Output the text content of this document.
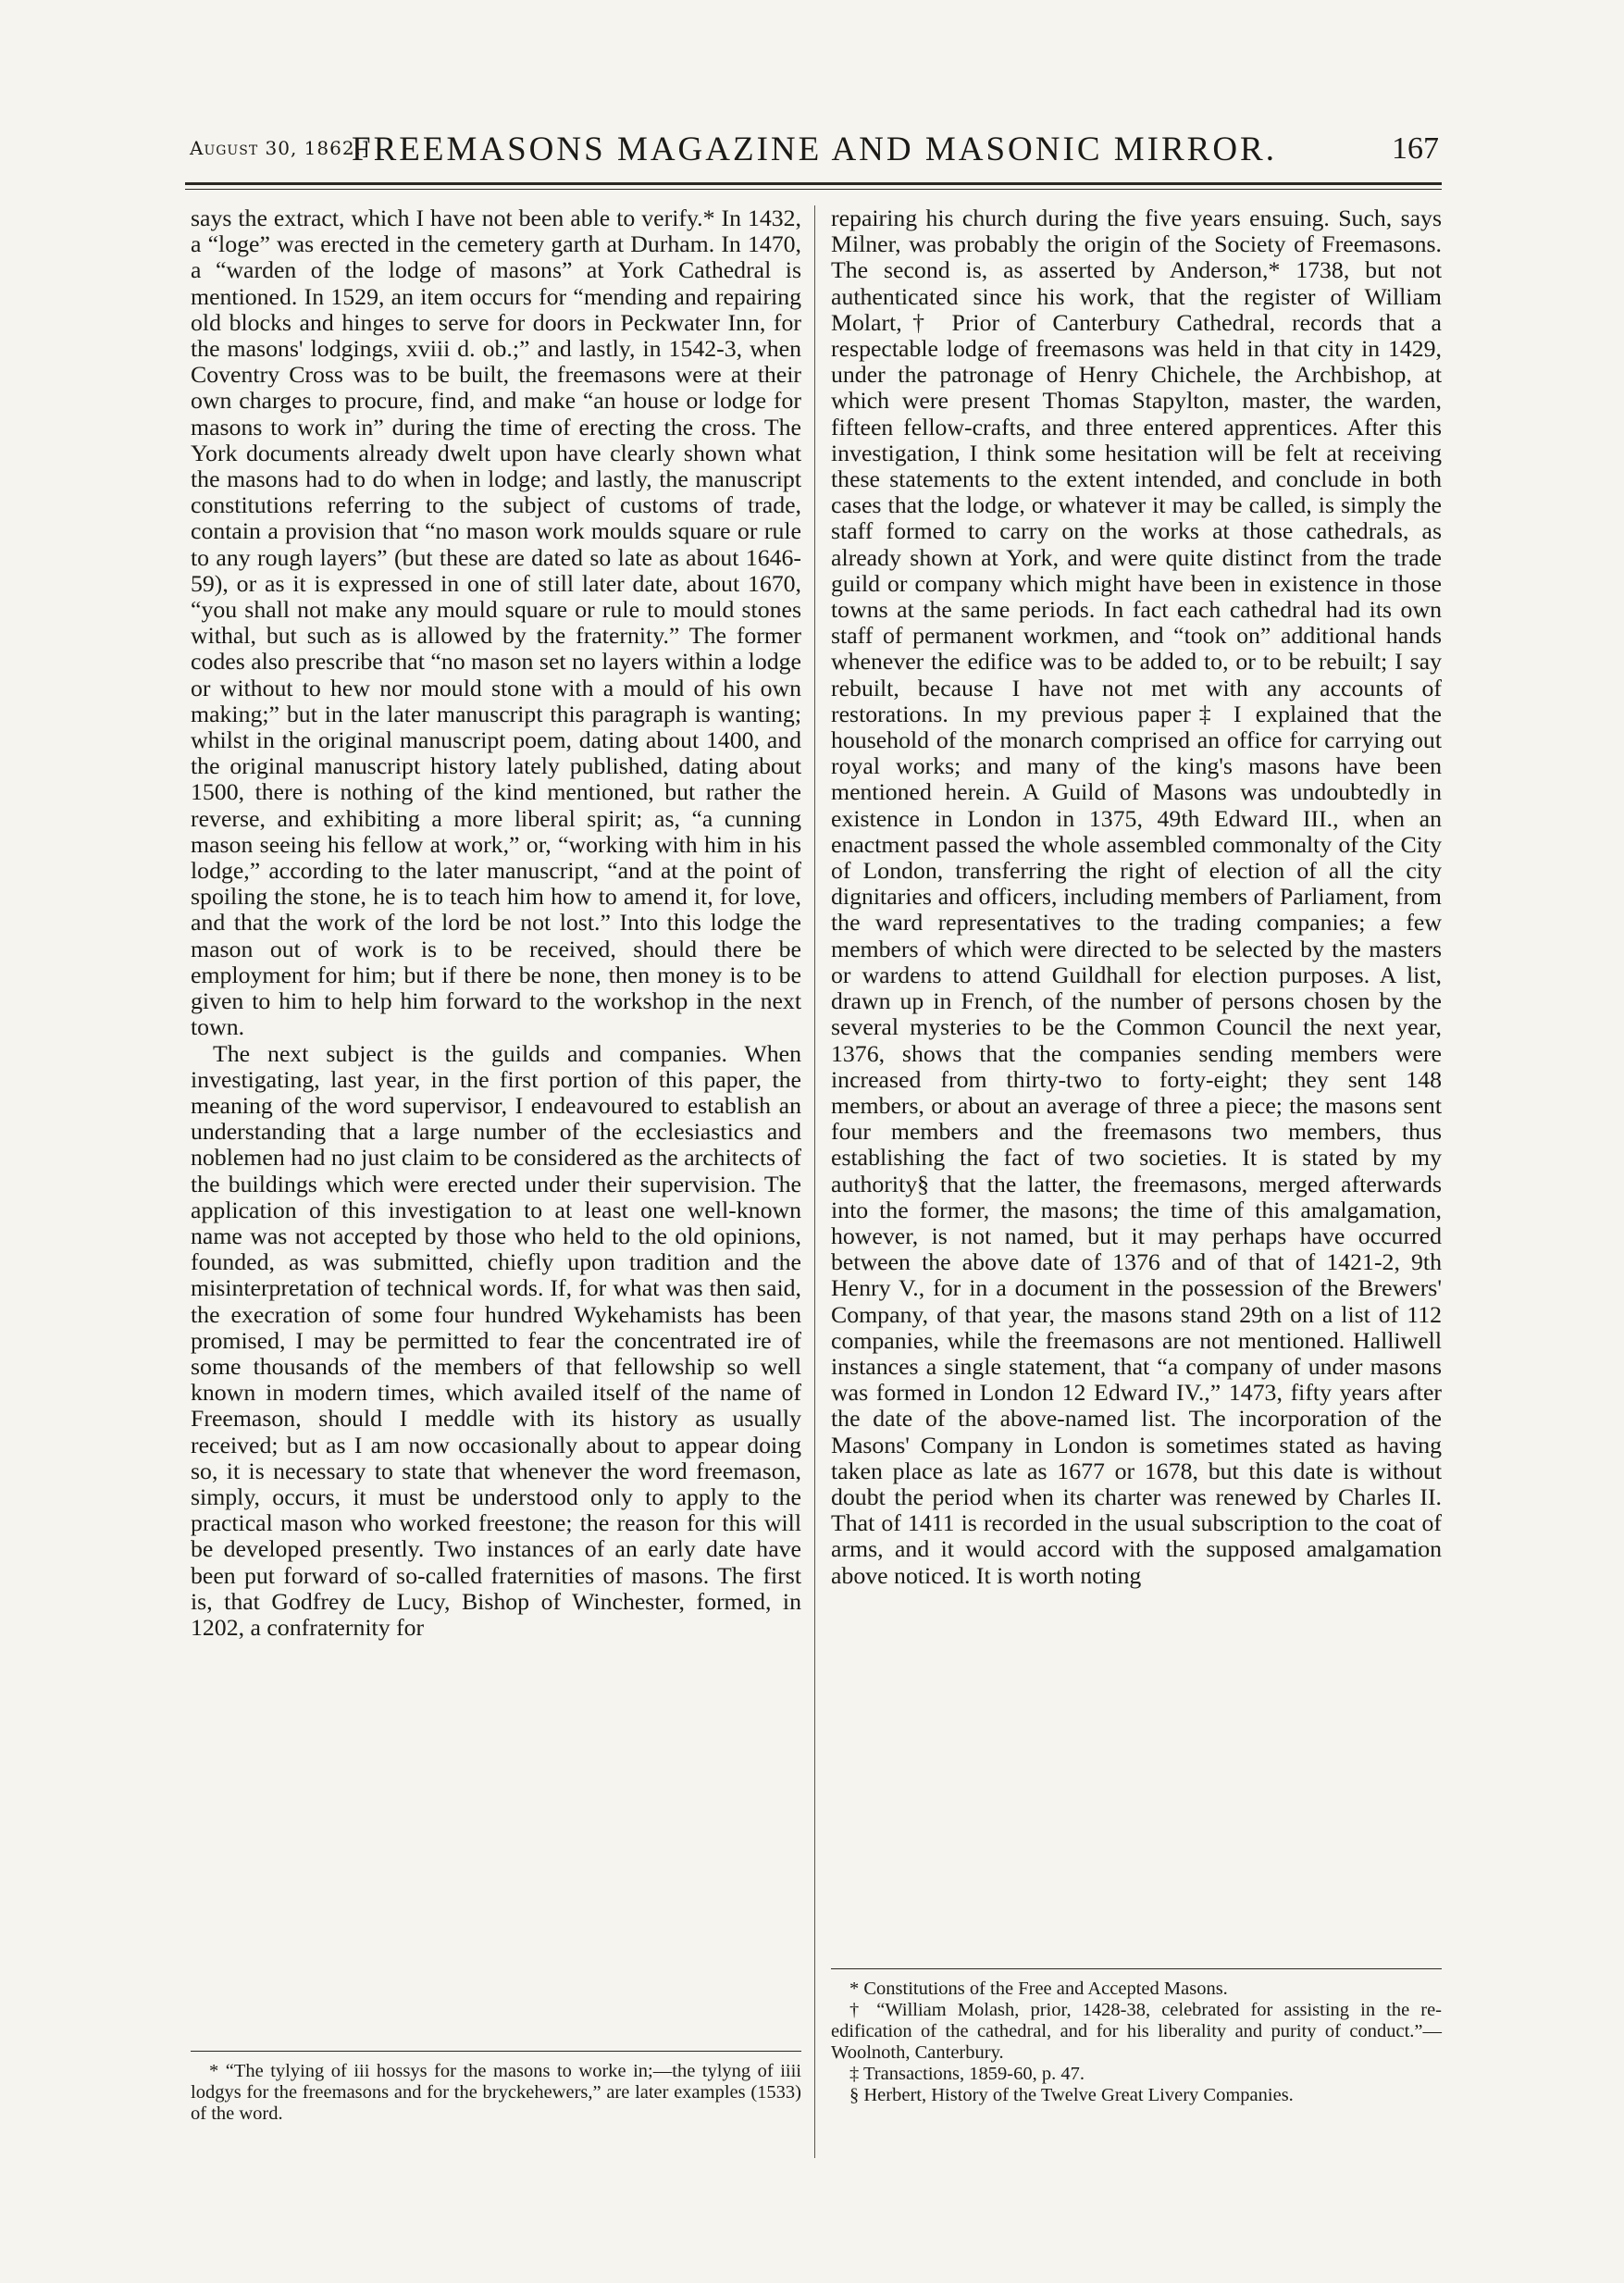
August 30, 1862.]
FREEMASONS MAGAZINE AND MASONIC MIRROR.	167

says the extract, which I have not been able to verify.* In 1432, a “loge” was erected in the cemetery garth at Durham. In 1470, a “warden of the lodge of masons” at York Cathedral is mentioned. In 1529, an item occurs for “mending and repairing old blocks and hinges to serve for doors in Peckwater Inn, for the masons' lodgings, xviii d. ob.;” and lastly, in 1542-3, when Coventry Cross was to be built, the freemasons were at their own charges to procure, find, and make “an house or lodge for masons to work in” during the time of erecting the cross. The York documents already dwelt upon have clearly shown what the masons had to do when in lodge; and lastly, the manuscript constitutions referring to the subject of customs of trade, contain a provision that “no mason work moulds square or rule to any rough layers” (but these are dated so late as about 1646-59), or as it is expressed in one of still later date, about 1670, “you shall not make any mould square or rule to mould stones withal, but such as is allowed by the fraternity.” The former codes also prescribe that “no mason set no layers within a lodge or without to hew nor mould stone with a mould of his own making;” but in the later manuscript this paragraph is wanting; whilst in the original manuscript poem, dating about 1400, and the original manuscript history lately published, dating about 1500, there is nothing of the kind mentioned, but rather the reverse, and exhibiting a more liberal spirit; as, “a cunning mason seeing his fellow at work,” or, “working with him in his lodge,” according to the later manuscript, “and at the point of spoiling the stone, he is to teach him how to amend it, for love, and that the work of the lord be not lost.” Into this lodge the mason out of work is to be received, should there be employment for him; but if there be none, then money is to be given to him to help him forward to the workshop in the next town.

The next subject is the guilds and companies. When investigating, last year, in the first portion of this paper, the meaning of the word supervisor, I endeavoured to establish an understanding that a large number of the ecclesiastics and noblemen had no just claim to be considered as the architects of the buildings which were erected under their supervision. The application of this investigation to at least one well-known name was not accepted by those who held to the old opinions, founded, as was submitted, chiefly upon tradition and the misinterpretation of technical words. If, for what was then said, the execration of some four hundred Wykehamists has been promised, I may be permitted to fear the concentrated ire of some thousands of the members of that fellowship so well known in modern times, which availed itself of the name of Freemason, should I meddle with its history as usually received; but as I am now occasionally about to appear doing so, it is necessary to state that whenever the word freemason, simply, occurs, it must be understood only to apply to the practical mason who worked freestone; the reason for this will be developed presently. Two instances of an early date have been put forward of so-called fraternities of masons. The first is, that Godfrey de Lucy, Bishop of Winchester, formed, in 1202, a confraternity for

repairing his church during the five years ensuing. Such, says Milner, was probably the origin of the Society of Freemasons. The second is, as asserted by Anderson,* 1738, but not authenticated since his work, that the register of William Molart,† Prior of Canterbury Cathedral, records that a respectable lodge of freemasons was held in that city in 1429, under the patronage of Henry Chichele, the Archbishop, at which were present Thomas Stapylton, master, the warden, fifteen fellow-crafts, and three entered apprentices. After this investigation, I think some hesitation will be felt at receiving these statements to the extent intended, and conclude in both cases that the lodge, or whatever it may be called, is simply the staff formed to carry on the works at those cathedrals, as already shown at York, and were quite distinct from the trade guild or company which might have been in existence in those towns at the same periods. In fact each cathedral had its own staff of permanent workmen, and “took on” additional hands whenever the edifice was to be added to, or to be rebuilt; I say rebuilt, because I have not met with any accounts of restorations. In my previous paper‡ I explained that the household of the monarch comprised an office for carrying out royal works; and many of the king's masons have been mentioned herein. A Guild of Masons was undoubtedly in existence in London in 1375, 49th Edward III., when an enactment passed the whole assembled commonalty of the City of London, transferring the right of election of all the city dignitaries and officers, including members of Parliament, from the ward representatives to the trading companies; a few members of which were directed to be selected by the masters or wardens to attend Guildhall for election purposes. A list, drawn up in French, of the number of persons chosen by the several mysteries to be the Common Council the next year, 1376, shows that the companies sending members were increased from thirty-two to forty-eight; they sent 148 members, or about an average of three a piece; the masons sent four members and the freemasons two members, thus establishing the fact of two societies. It is stated by my authority§ that the latter, the freemasons, merged afterwards into the former, the masons; the time of this amalgamation, however, is not named, but it may perhaps have occurred between the above date of 1376 and of that of 1421-2, 9th Henry V., for in a document in the possession of the Brewers' Company, of that year, the masons stand 29th on a list of 112 companies, while the freemasons are not mentioned. Halliwell instances a single statement, that “a company of under masons was formed in London 12 Edward IV.,” 1473, fifty years after the date of the above-named list. The incorporation of the Masons' Company in London is sometimes stated as having taken place as late as 1677 or 1678, but this date is without doubt the period when its charter was renewed by Charles II. That of 1411 is recorded in the usual subscription to the coat of arms, and it would accord with the supposed amalgamation above noticed. It is worth noting

* “The tylying of iii hossys for the masons to worke in;—the tylyng of iiii lodgys for the freemasons and for the bryckehewers,” are later examples (1533) of the word.

* Constitutions of the Free and Accepted Masons.

† “William Molash, prior, 1428-38, celebrated for assisting in the re-edification of the cathedral, and for his liberality and purity of conduct.”—Woolnoth, Canterbury.

‡ Transactions, 1859-60, p. 47.

§ Herbert, History of the Twelve Great Livery Companies.
